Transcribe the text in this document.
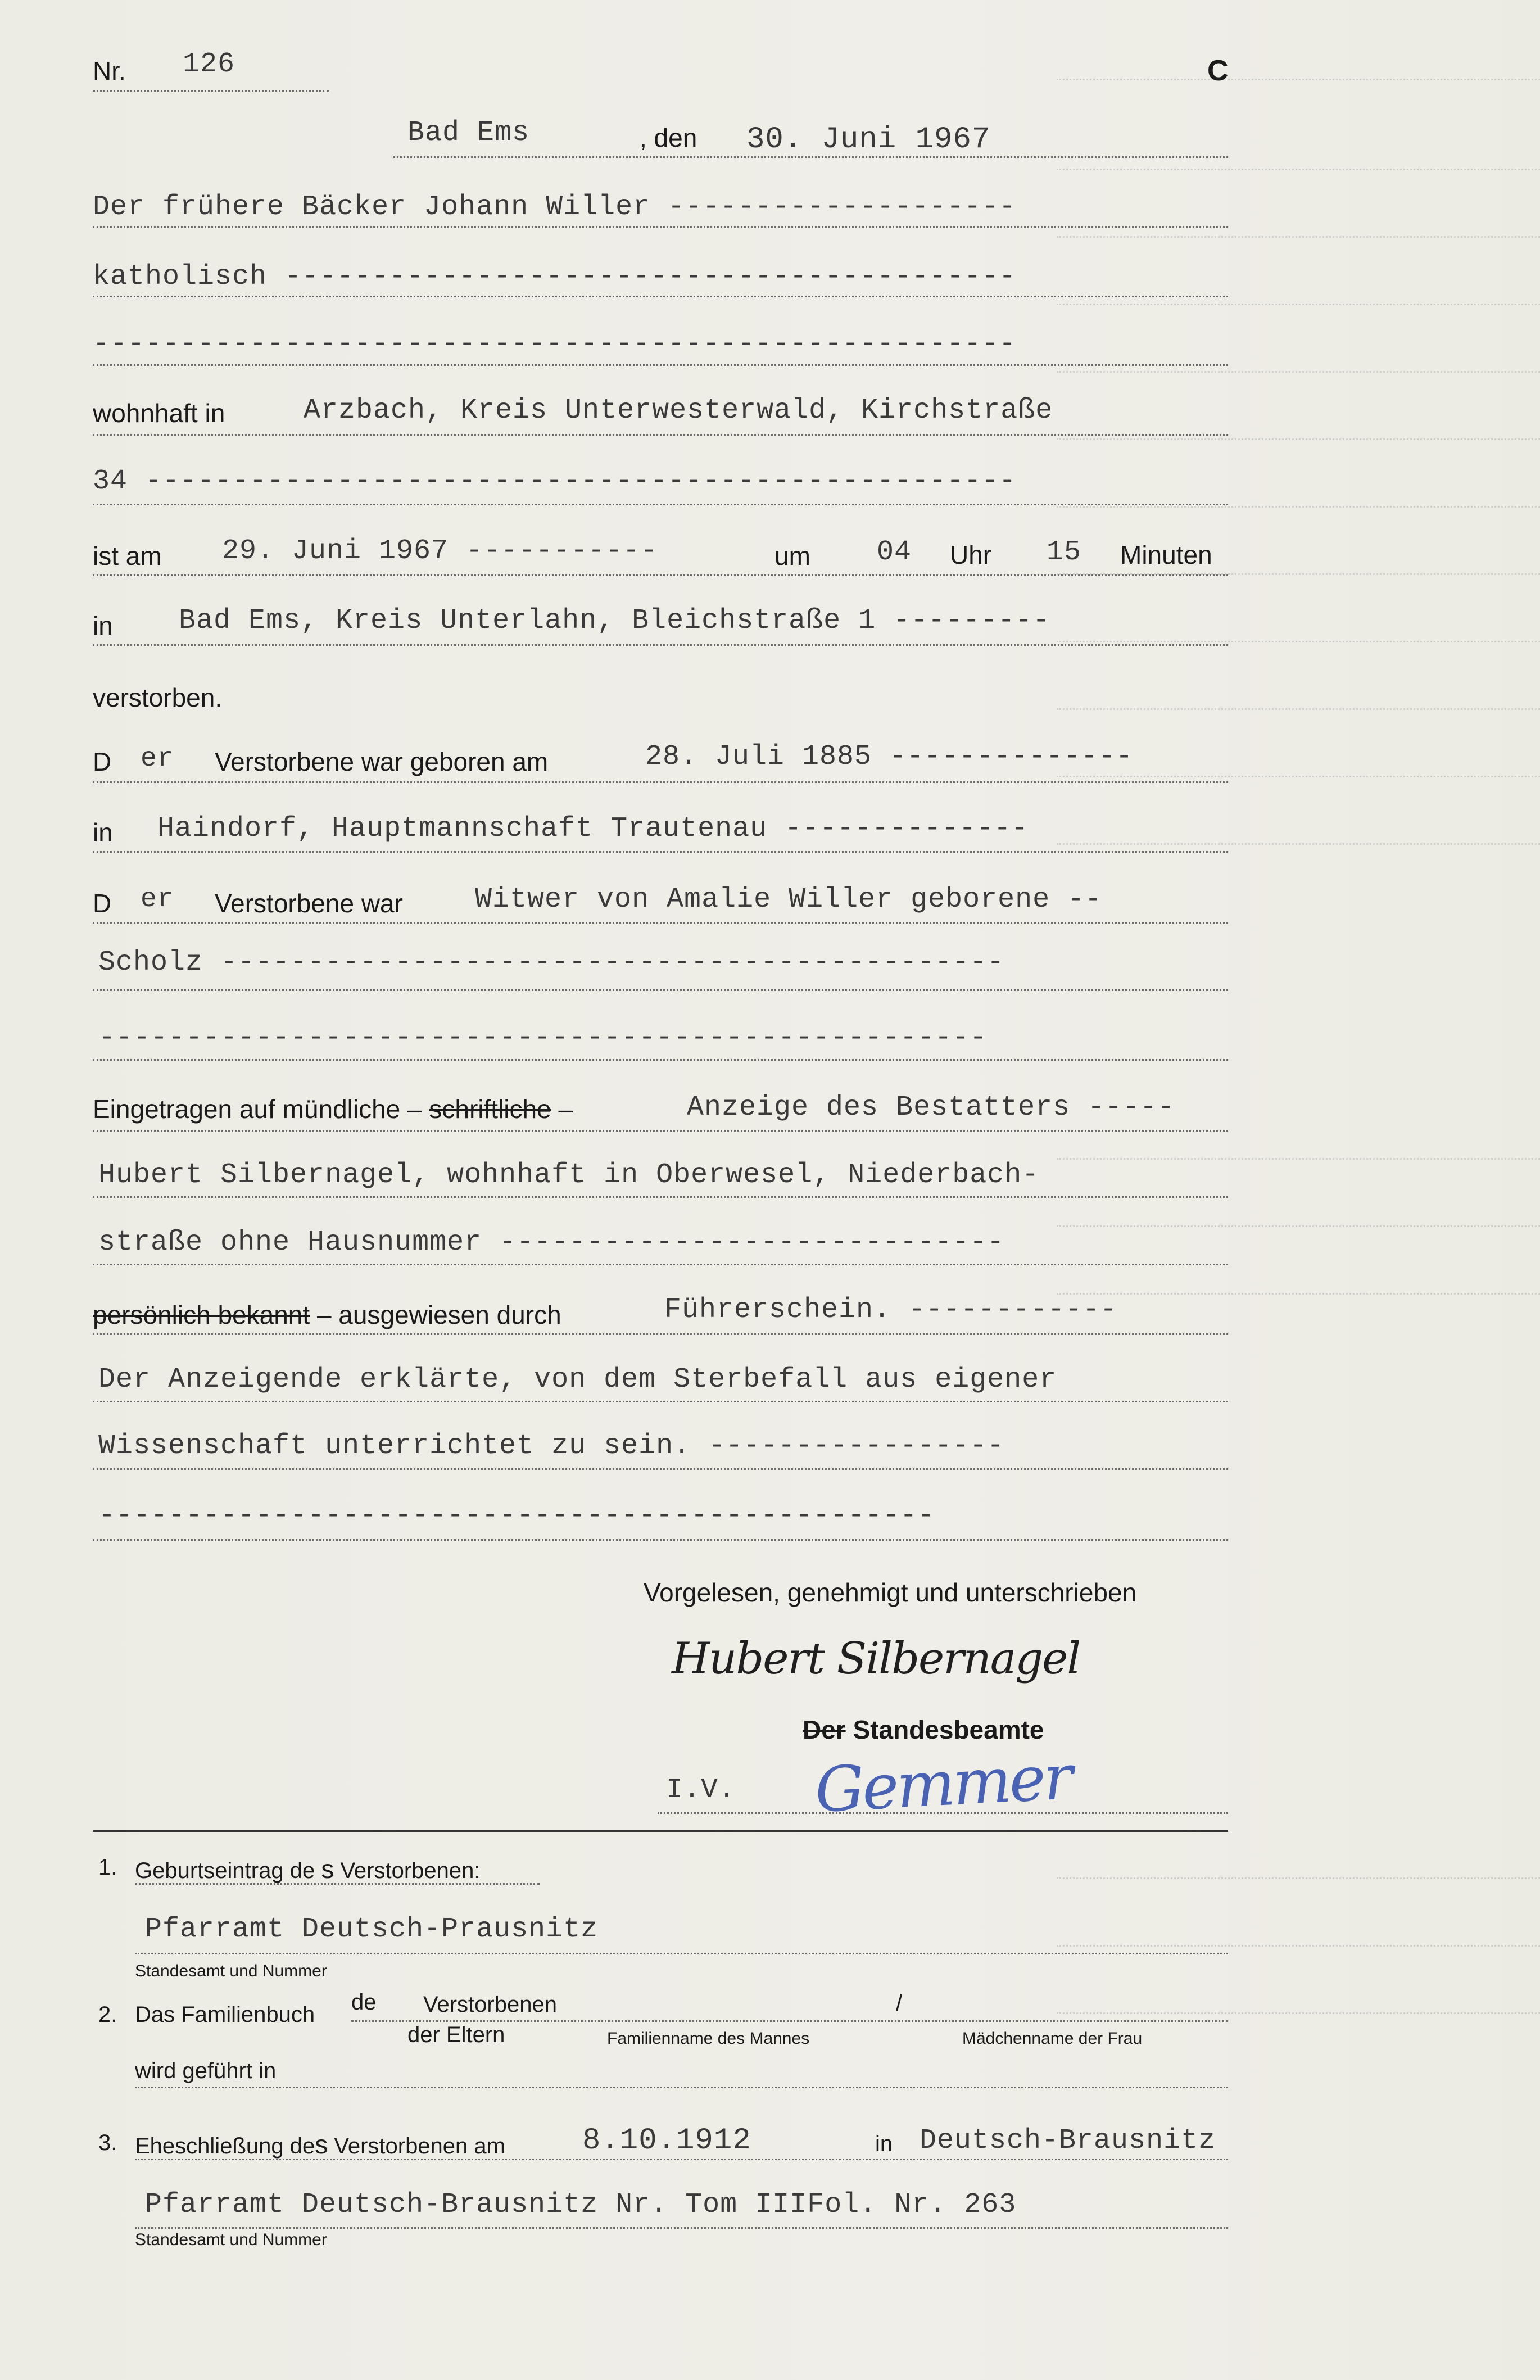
Nr. 126	C
Bad Ems	, den 30. Juni 1967
Der frühere Bäcker Johann Willer --------------------
katholisch ------------------------------------------
-----------------------------------------------------
wohnhaft in	Arzbach, Kreis Unterwesterwald, Kirchstraße
34 --------------------------------------------------
ist am 29. Juni 1967 -----------	um 04 Uhr 15 Minuten
in Bad Ems, Kreis Unterlahn, Bleichstraße 1 ---------
verstorben.
D er Verstorbene war geboren am	28. Juli 1885 --------------
in Haindorf, Hauptmannschaft Trautenau --------------
D er Verstorbene war	Witwer von Amalie Willer geborene --
Scholz ---------------------------------------------
---------------------------------------------------
Eingetragen auf mündliche – schriftliche –	Anzeige des Bestatters -----
Hubert Silbernagel, wohnhaft in Oberwesel, Niederbach-
straße ohne Hausnummer -----------------------------
persönlich bekannt – ausgewiesen durch	Führerschein. ------------
Der Anzeigende erklärte, von dem Sterbefall aus eigener
Wissenschaft unterrichtet zu sein. -----------------
------------------------------------------------
Vorgelesen, genehmigt und unterschrieben
Hubert Silbernagel
Der Standesbeamte
I.V. Gemmer
1. Geburtseintrag de s Verstorbenen:
Pfarramt Deutsch-Prausnitz
Standesamt und Nummer
2. Das Familienbuch de Verstorbenen	/
der Eltern	Familienname des Mannes	Mädchenname der Frau
wird geführt in
3. Eheschließung des Verstorbenen am	8.10.1912	in Deutsch-Brausnitz
Pfarramt Deutsch-Brausnitz Nr. Tom IIIFol. Nr. 263
Standesamt und Nummer
